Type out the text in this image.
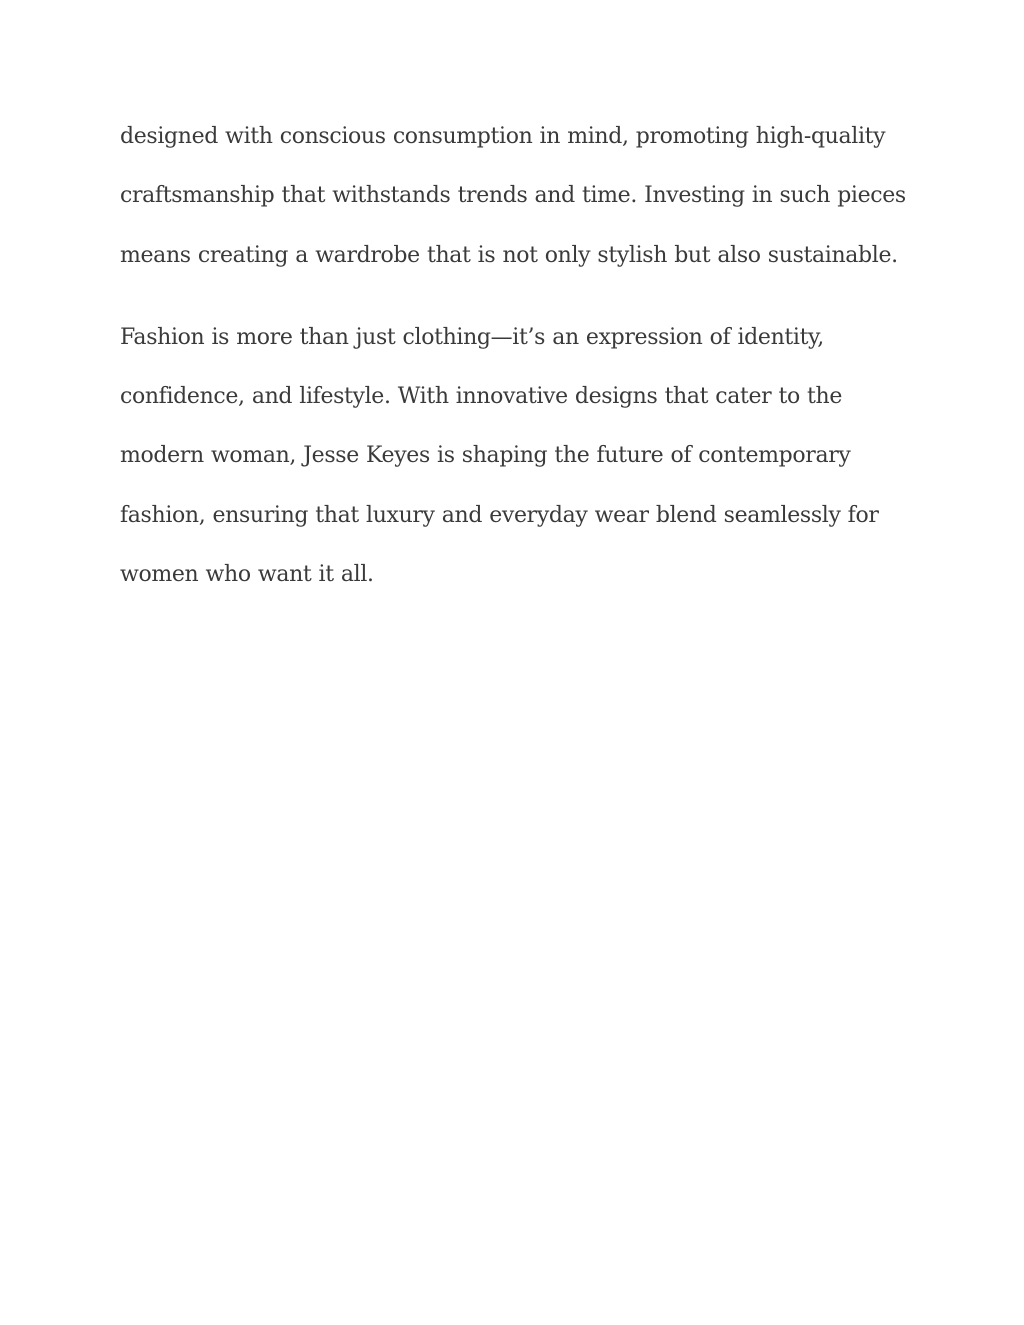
designed with conscious consumption in mind, promoting high-quality craftsmanship that withstands trends and time. Investing in such pieces means creating a wardrobe that is not only stylish but also sustainable.

Fashion is more than just clothing—it’s an expression of identity, confidence, and lifestyle. With innovative designs that cater to the modern woman, Jesse Keyes is shaping the future of contemporary fashion, ensuring that luxury and everyday wear blend seamlessly for women who want it all.
